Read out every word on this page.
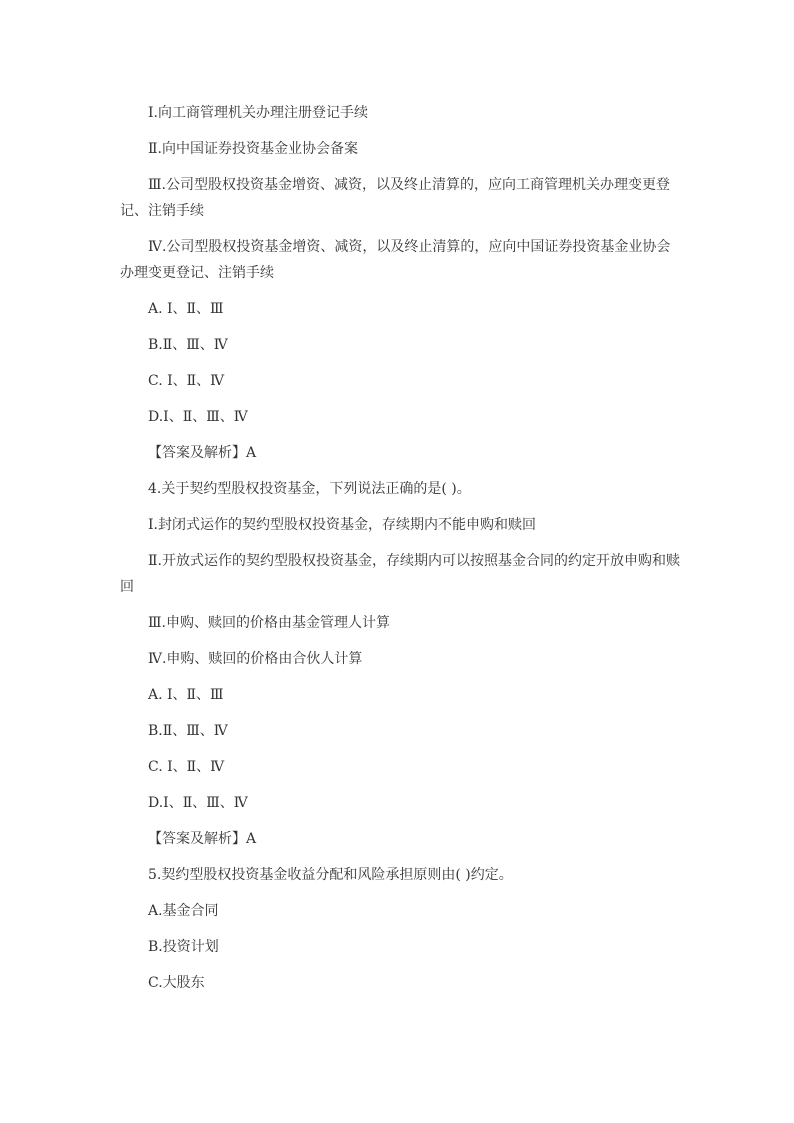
Ⅰ.向工商管理机关办理注册登记手续

Ⅱ.向中国证券投资基金业协会备案

Ⅲ.公司型股权投资基金增资、减资，以及终止清算的，应向工商管理机关办理变更登记、注销手续

Ⅳ.公司型股权投资基金增资、减资，以及终止清算的，应向中国证券投资基金业协会办理变更登记、注销手续

A. Ⅰ、Ⅱ、Ⅲ

B.Ⅱ、Ⅲ、Ⅳ

C. Ⅰ、Ⅱ、Ⅳ

D.Ⅰ、Ⅱ、Ⅲ、Ⅳ

【答案及解析】A

4.关于契约型股权投资基金，下列说法正确的是( )。

Ⅰ.封闭式运作的契约型股权投资基金，存续期内不能申购和赎回

Ⅱ.开放式运作的契约型股权投资基金，存续期内可以按照基金合同的约定开放申购和赎回

Ⅲ.申购、赎回的价格由基金管理人计算

Ⅳ.申购、赎回的价格由合伙人计算

A. Ⅰ、Ⅱ、Ⅲ

B.Ⅱ、Ⅲ、Ⅳ

C. Ⅰ、Ⅱ、Ⅳ

D.Ⅰ、Ⅱ、Ⅲ、Ⅳ

【答案及解析】A

5.契约型股权投资基金收益分配和风险承担原则由( )约定。

A.基金合同

B.投资计划

C.大股东
